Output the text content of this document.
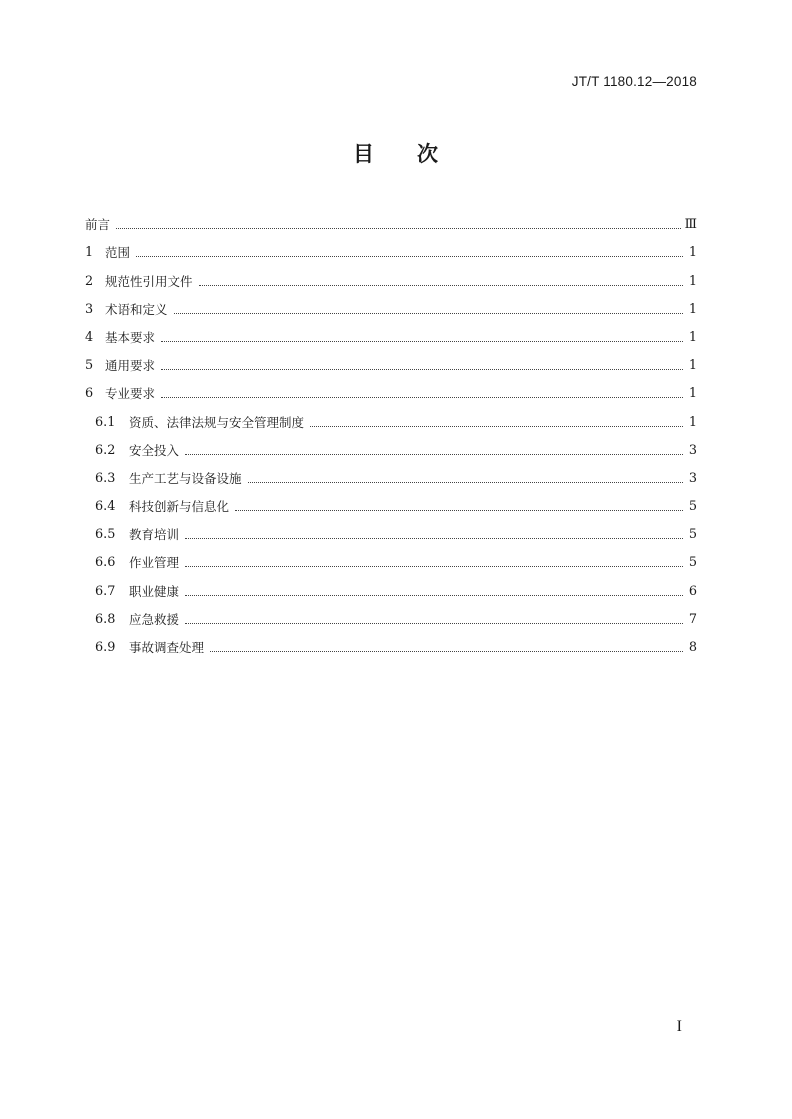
JT/T 1180.12—2018
目 次
前言	Ⅲ
1 范围	1
2 规范性引用文件	1
3 术语和定义	1
4 基本要求	1
5 通用要求	1
6 专业要求	1
6.1	资质、法律法规与安全管理制度	1
6.2	安全投入	3
6.3	生产工艺与设备设施	3
6.4	科技创新与信息化	5
6.5	教育培训	5
6.6	作业管理	5
6.7	职业健康	6
6.8	应急救援	7
6.9	事故调查处理	8
I
